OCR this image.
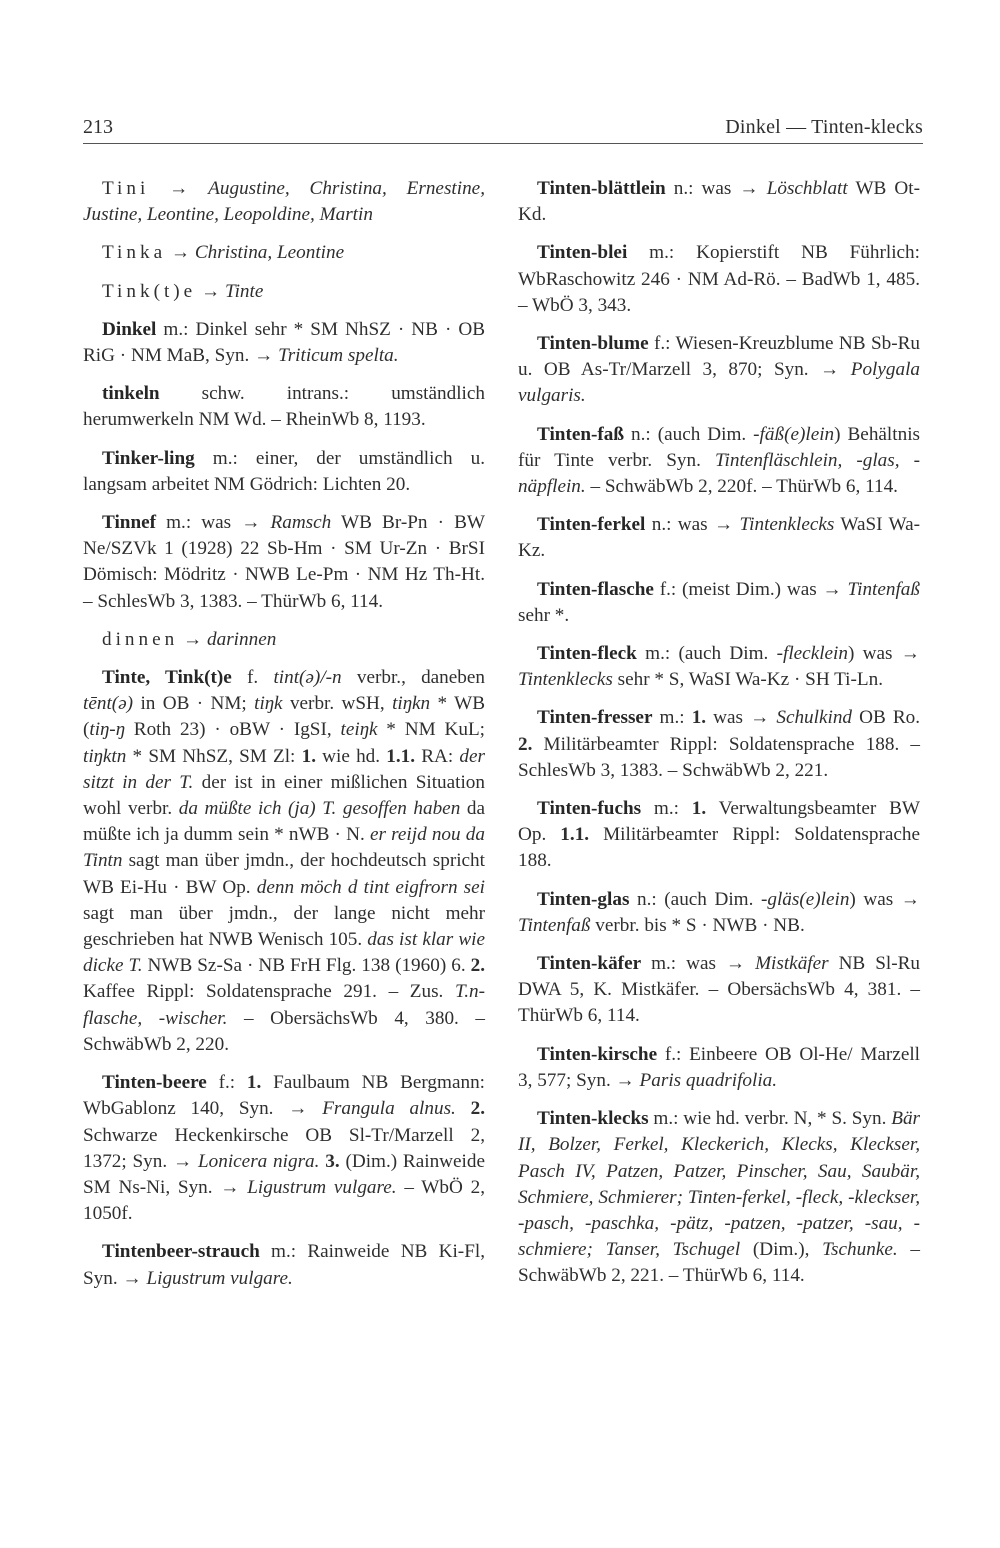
213	Dinkel — Tinten-klecks

Tini → Augustine, Christina, Ernestine, Justine, Leontine, Leopoldine, Martin

Tinka → Christina, Leontine

Tink(t)e → Tinte

Dinkel m.: Dinkel sehr * SM NhSZ · NB · OB RiG · NM MaB, Syn. → Triticum spelta.

tinkeln schw. intrans.: umständlich herumwerkeln NM Wd. – RheinWb 8, 1193.

Tinker-ling m.: einer, der umständlich u. langsam arbeitet NM Gödrich: Lichten 20.

Tinnef m.: was → Ramsch WB Br-Pn · BW Ne/SZVk 1 (1928) 22 Sb-Hm · SM Ur-Zn · BrSI Dömisch: Mödritz · NWB Le-Pm · NM Hz Th-Ht. – SchlesWb 3, 1383. – ThürWb 6, 114.

dinnen → darinnen

Tinte, Tink(t)e f. tint(ə)/-n verbr., daneben tēnt(ə) in OB · NM; tiŋk verbr. wSH, tiŋkn * WB (tiŋ-ŋ Roth 23) · oBW · IgSI, teiŋk * NM KuL; tiŋktn * SM NhSZ, SM Zl: 1. wie hd. 1.1. RA: der sitzt in der T. der ist in einer mißlichen Situation wohl verbr. da müßte ich (ja) T. gesoffen haben da müßte ich ja dumm sein * nWB · N. er reijd nou da Tintn sagt man über jmdn., der hochdeutsch spricht WB Ei-Hu · BW Op. denn möch d tint eigfrorn sei sagt man über jmdn., der lange nicht mehr geschrieben hat NWB Wenisch 105. das ist klar wie dicke T. NWB Sz-Sa · NB FrH Flg. 138 (1960) 6. 2. Kaffee Rippl: Soldatensprache 291. – Zus. T.n-flasche, -wischer. – ObersächsWb 4, 380. – SchwäbWb 2, 220.

Tinten-beere f.: 1. Faulbaum NB Bergmann: WbGablonz 140, Syn. → Frangula alnus. 2. Schwarze Heckenkirsche OB Sl-Tr/Marzell 2, 1372; Syn. → Lonicera nigra. 3. (Dim.) Rainweide SM Ns-Ni, Syn. → Ligustrum vulgare. – WbÖ 2, 1050f.

Tintenbeer-strauch m.: Rainweide NB Ki-Fl, Syn. → Ligustrum vulgare.

Tinten-blättlein n.: was → Löschblatt WB Ot-Kd.

Tinten-blei m.: Kopierstift NB Führlich: WbRaschowitz 246 · NM Ad-Rö. – BadWb 1, 485. – WbÖ 3, 343.

Tinten-blume f.: Wiesen-Kreuzblume NB Sb-Ru u. OB As-Tr/Marzell 3, 870; Syn. → Polygala vulgaris.

Tinten-faß n.: (auch Dim. -fäß(e)lein) Behältnis für Tinte verbr. Syn. Tintenfläschlein, -glas, -näpflein. – SchwäbWb 2, 220f. – ThürWb 6, 114.

Tinten-ferkel n.: was → Tintenklecks WaSI Wa-Kz.

Tinten-flasche f.: (meist Dim.) was → Tintenfaß sehr *.

Tinten-fleck m.: (auch Dim. -flecklein) was → Tintenklecks sehr * S, WaSI Wa-Kz · SH Ti-Ln.

Tinten-fresser m.: 1. was → Schulkind OB Ro. 2. Militärbeamter Rippl: Soldatensprache 188. – SchlesWb 3, 1383. – SchwäbWb 2, 221.

Tinten-fuchs m.: 1. Verwaltungsbeamter BW Op. 1.1. Militärbeamter Rippl: Soldatensprache 188.

Tinten-glas n.: (auch Dim. -gläs(e)lein) was → Tintenfaß verbr. bis * S · NWB · NB.

Tinten-käfer m.: was → Mistkäfer NB Sl-Ru DWA 5, K. Mistkäfer. – ObersächsWb 4, 381. – ThürWb 6, 114.

Tinten-kirsche f.: Einbeere OB Ol-He/ Marzell 3, 577; Syn. → Paris quadrifolia.

Tinten-klecks m.: wie hd. verbr. N, * S. Syn. Bär II, Bolzer, Ferkel, Kleckerich, Klecks, Kleckser, Pasch IV, Patzen, Patzer, Pinscher, Sau, Saubär, Schmiere, Schmierer; Tinten-ferkel, -fleck, -kleckser, -pasch, -paschka, -pätz, -patzen, -patzer, -sau, -schmiere; Tanser, Tschugel (Dim.), Tschunke. – SchwäbWb 2, 221. – ThürWb 6, 114.
